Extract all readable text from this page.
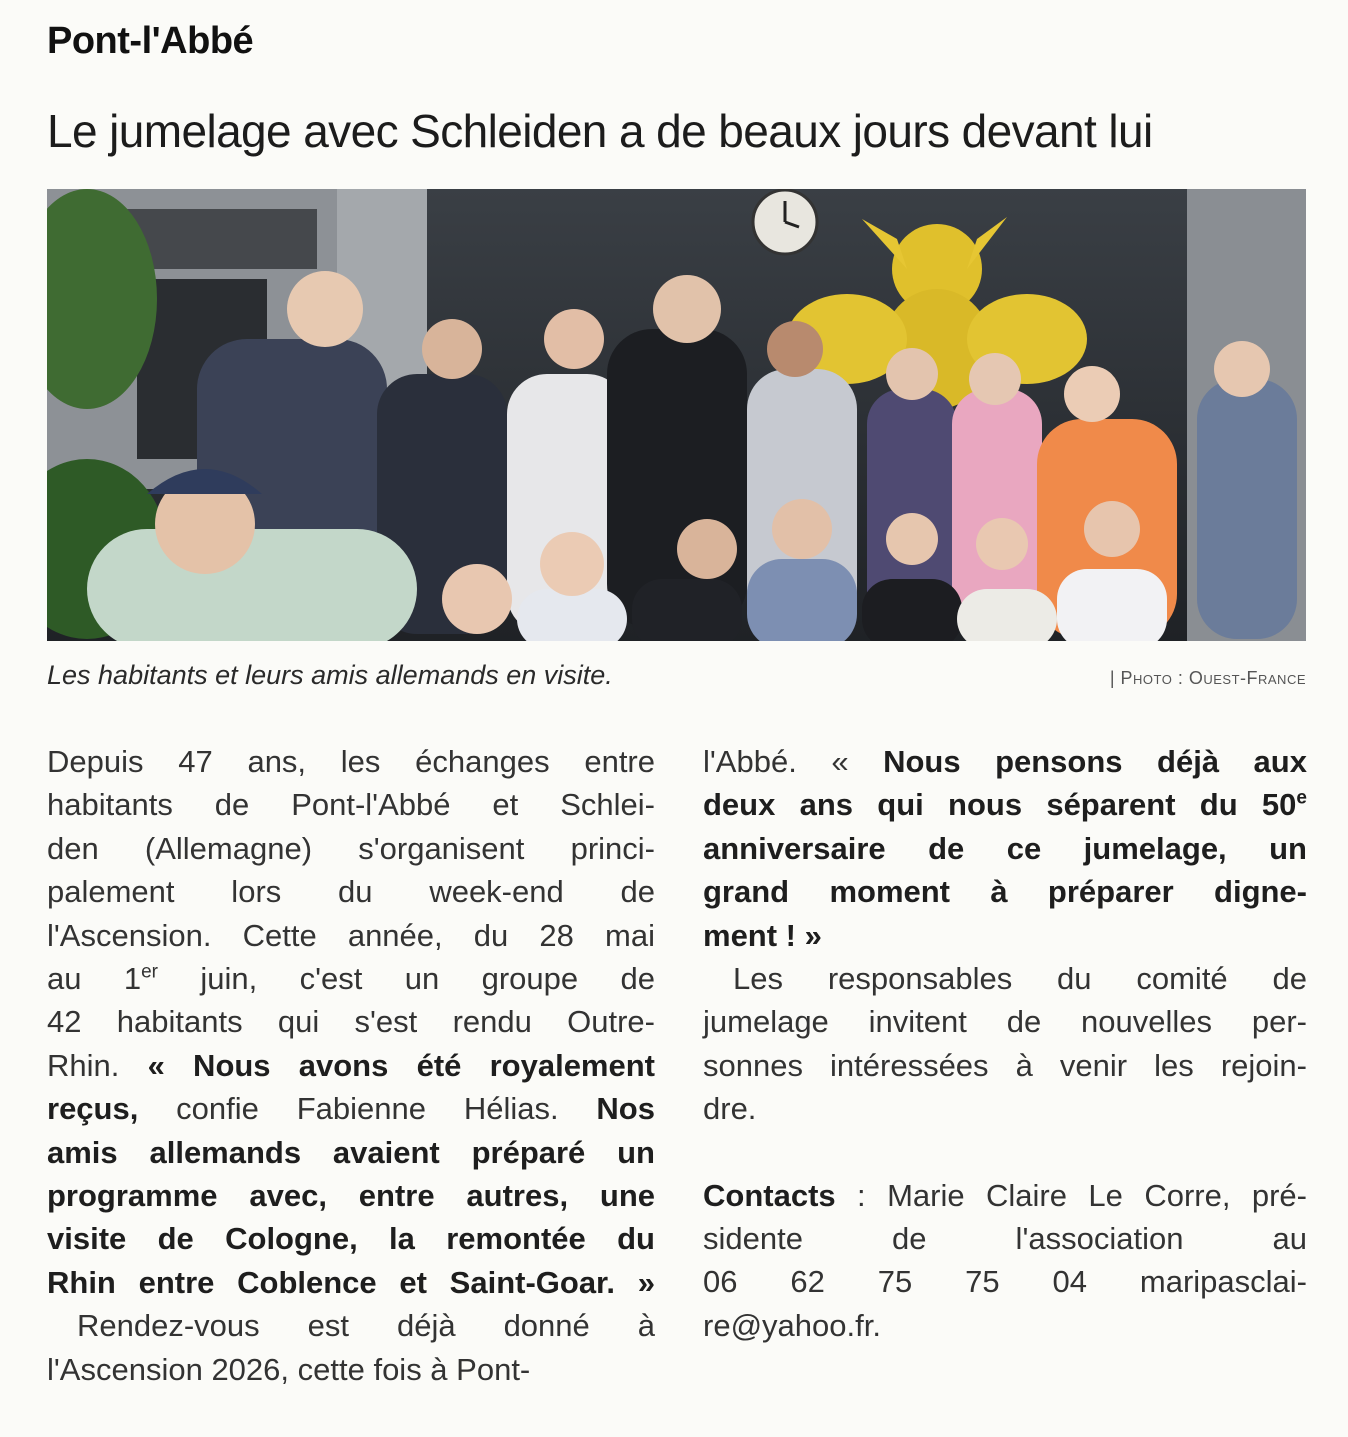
Pont-l'Abbé
Le jumelage avec Schleiden a de beaux jours devant lui
Les habitants et leurs amis allemands en visite.	| Photo : Ouest-France
Depuis 47 ans, les échanges entre
habitants de Pont-l'Abbé et Schlei-
den (Allemagne) s'organisent princi-
palement lors du week-end de
l'Ascension. Cette année, du 28 mai
au 1er juin, c'est un groupe de
42 habitants qui s'est rendu Outre-
Rhin. « Nous avons été royalement
reçus, confie Fabienne Hélias. Nos
amis allemands avaient préparé un
programme avec, entre autres, une
visite de Cologne, la remontée du
Rhin entre Coblence et Saint-Goar. »
Rendez-vous est déjà donné à
l'Ascension 2026, cette fois à Pont-
l'Abbé. « Nous pensons déjà aux
deux ans qui nous séparent du 50e
anniversaire de ce jumelage, un
grand moment à préparer digne-
ment ! »
Les responsables du comité de
jumelage invitent de nouvelles per-
sonnes intéressées à venir les rejoin-
dre.
Contacts : Marie Claire Le Corre, pré-
sidente de l'association au
06 62 75 75 04 maripasclai-
re@yahoo.fr.
